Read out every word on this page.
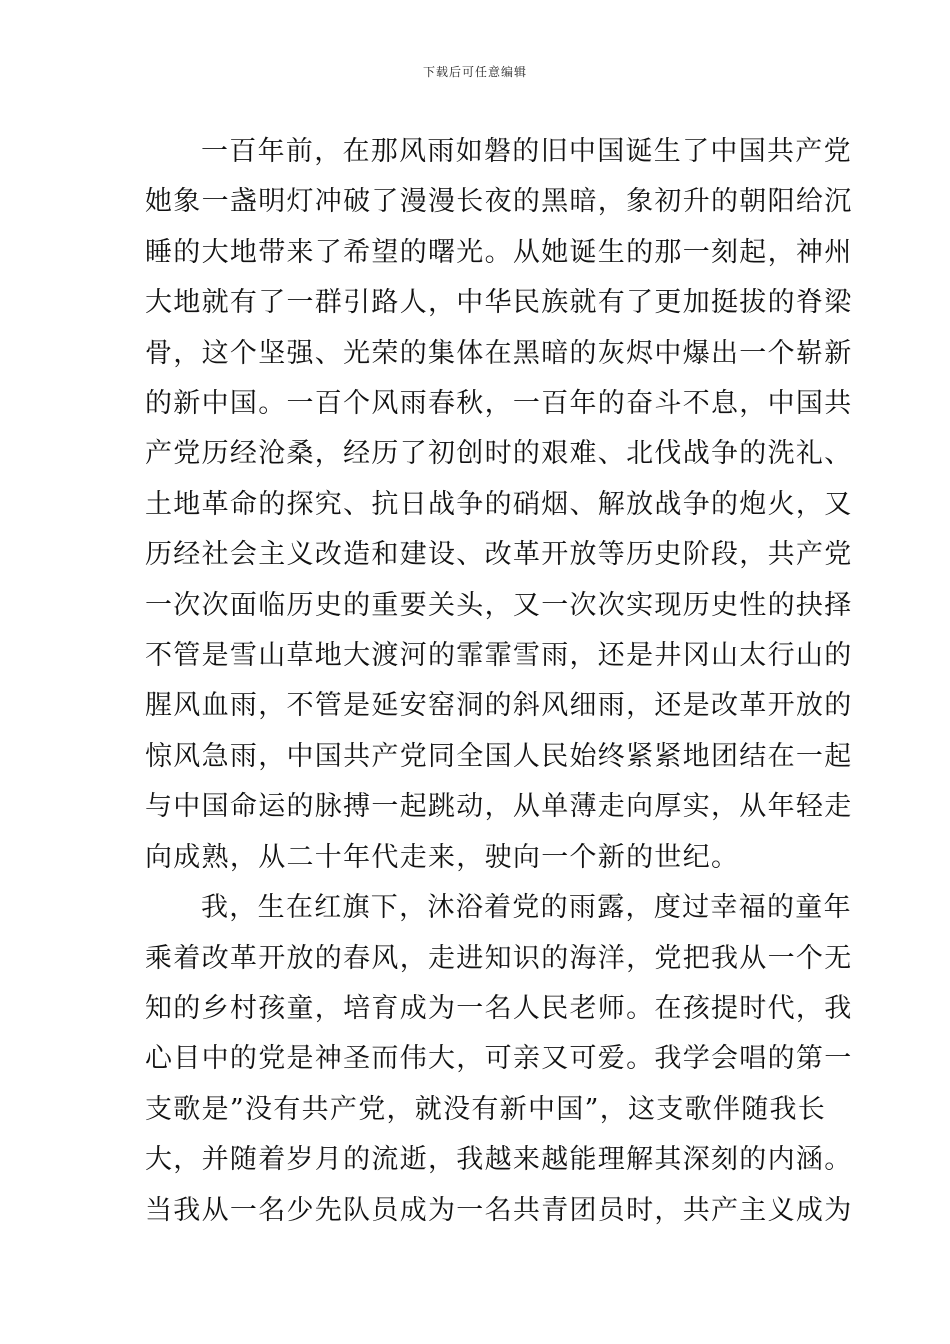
下载后可任意编辑
一百年前，在那风雨如磐的旧中国诞生了中国共产党
她象一盏明灯冲破了漫漫长夜的黑暗，象初升的朝阳给沉
睡的大地带来了希望的曙光。从她诞生的那一刻起，神州
大地就有了一群引路人，中华民族就有了更加挺拔的脊梁
骨，这个坚强、光荣的集体在黑暗的灰烬中爆出一个崭新
的新中国。一百个风雨春秋，一百年的奋斗不息，中国共
产党历经沧桑，经历了初创时的艰难、北伐战争的洗礼、
土地革命的探究、抗日战争的硝烟、解放战争的炮火，又
历经社会主义改造和建设、改革开放等历史阶段，共产党
一次次面临历史的重要关头，又一次次实现历史性的抉择
不管是雪山草地大渡河的霏霏雪雨，还是井冈山太行山的
腥风血雨，不管是延安窑洞的斜风细雨，还是改革开放的
惊风急雨，中国共产党同全国人民始终紧紧地团结在一起
与中国命运的脉搏一起跳动，从单薄走向厚实，从年轻走
向成熟，从二十年代走来，驶向一个新的世纪。
我，生在红旗下，沐浴着党的雨露，度过幸福的童年
乘着改革开放的春风，走进知识的海洋，党把我从一个无
知的乡村孩童，培育成为一名人民老师。在孩提时代，我
心目中的党是神圣而伟大，可亲又可爱。我学会唱的第一
支歌是”没有共产党，就没有新中国”，这支歌伴随我长
大，并随着岁月的流逝，我越来越能理解其深刻的内涵。
当我从一名少先队员成为一名共青团员时，共产主义成为
